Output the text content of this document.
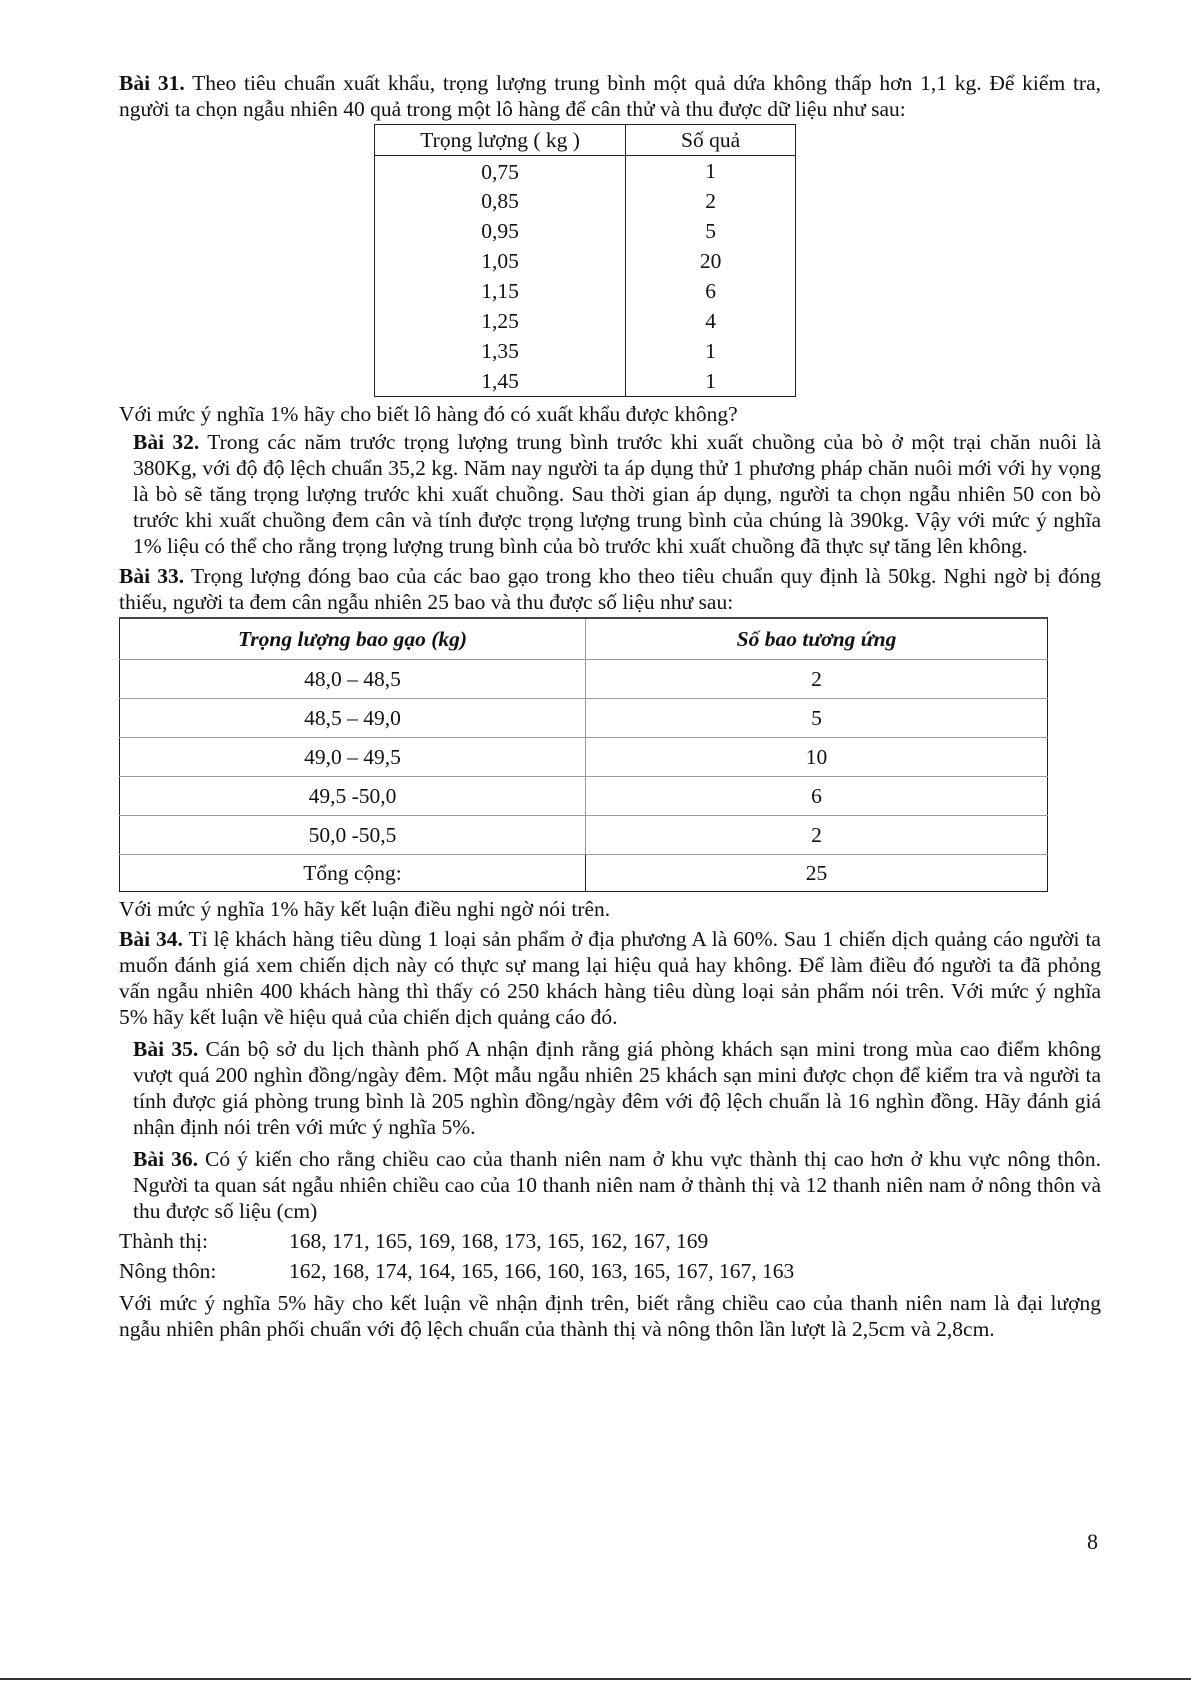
Bài 31. Theo tiêu chuẩn xuất khẩu, trọng lượng trung bình một quả dứa không thấp hơn 1,1 kg. Để kiểm tra, người ta chọn ngẫu nhiên 40 quả trong một lô hàng để cân thử và thu được dữ liệu như sau:

Trọng lượng ( kg )	Số quả
0,75	1
0,85	2
0,95	5
1,05	20
1,15	6
1,25	4
1,35	1
1,45	1

Với mức ý nghĩa 1% hãy cho biết lô hàng đó có xuất khẩu được không?

Bài 32. Trong các năm trước trọng lượng trung bình trước khi xuất chuồng của bò ở một trại chăn nuôi là 380Kg, với độ độ lệch chuẩn 35,2 kg. Năm nay người ta áp dụng thử 1 phương pháp chăn nuôi mới với hy vọng là bò sẽ tăng trọng lượng trước khi xuất chuồng. Sau thời gian áp dụng, người ta chọn ngẫu nhiên 50 con bò trước khi xuất chuồng đem cân và tính được trọng lượng trung bình của chúng là 390kg. Vậy với mức ý nghĩa 1% liệu có thể cho rằng trọng lượng trung bình của bò trước khi xuất chuồng đã thực sự tăng lên không.

Bài 33. Trọng lượng đóng bao của các bao gạo trong kho theo tiêu chuẩn quy định là 50kg. Nghi ngờ bị đóng thiếu, người ta đem cân ngẫu nhiên 25 bao và thu được số liệu như sau:

Trọng lượng bao gạo (kg)	Số bao tương ứng
48,0 – 48,5	2
48,5 – 49,0	5
49,0 – 49,5	10
49,5 -50,0	6
50,0 -50,5	2
Tổng cộng:	25

Với mức ý nghĩa 1% hãy kết luận điều nghi ngờ nói trên.

Bài 34. Tỉ lệ khách hàng tiêu dùng 1 loại sản phẩm ở địa phương A là 60%. Sau 1 chiến dịch quảng cáo người ta muốn đánh giá xem chiến dịch này có thực sự mang lại hiệu quả hay không. Để làm điều đó người ta đã phỏng vấn ngẫu nhiên 400 khách hàng thì thấy có 250 khách hàng tiêu dùng loại sản phẩm nói trên. Với mức ý nghĩa 5% hãy kết luận về hiệu quả của chiến dịch quảng cáo đó.

Bài 35. Cán bộ sở du lịch thành phố A nhận định rằng giá phòng khách sạn mini trong mùa cao điểm không vượt quá 200 nghìn đồng/ngày đêm. Một mẫu ngẫu nhiên 25 khách sạn mini được chọn để kiểm tra và người ta tính được giá phòng trung bình là 205 nghìn đồng/ngày đêm với độ lệch chuẩn là 16 nghìn đồng. Hãy đánh giá nhận định nói trên với mức ý nghĩa 5%.

Bài 36. Có ý kiến cho rằng chiều cao của thanh niên nam ở khu vực thành thị cao hơn ở khu vực nông thôn. Người ta quan sát ngẫu nhiên chiều cao của 10 thanh niên nam ở thành thị và 12 thanh niên nam ở nông thôn và thu được số liệu (cm)

Thành thị:	168, 171, 165, 169, 168, 173, 165, 162, 167, 169
Nông thôn:	162, 168, 174, 164, 165, 166, 160, 163, 165, 167, 167, 163

Với mức ý nghĩa 5% hãy cho kết luận về nhận định trên, biết rằng chiều cao của thanh niên nam là đại lượng ngẫu nhiên phân phối chuẩn với độ lệch chuẩn của thành thị và nông thôn lần lượt là 2,5cm và 2,8cm.

8
